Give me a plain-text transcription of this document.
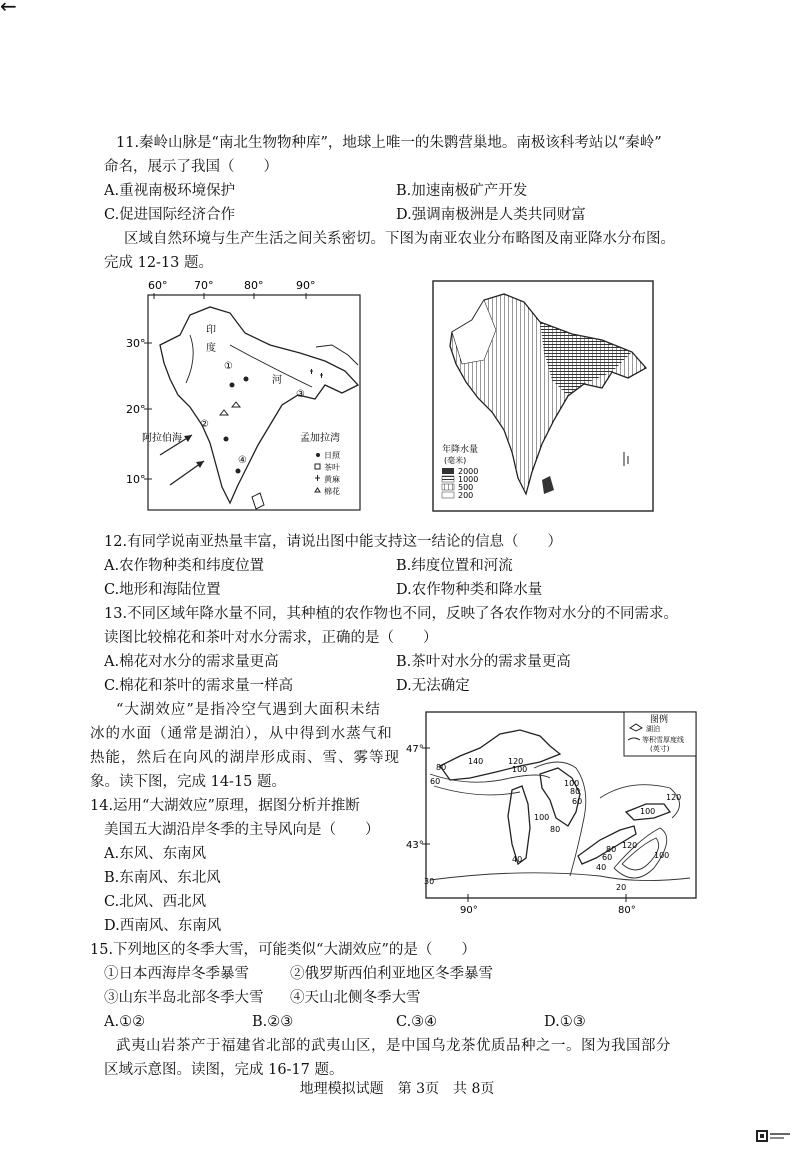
←
11.秦岭山脉是“南北生物物种库”，地球上唯一的朱鹮营巢地。南极该科考站以“秦岭”
命名，展示了我国（　　）
A.重视南极环境保护	B.加速南极矿产开发
C.促进国际经济合作	D.强调南极洲是人类共同财富
区域自然环境与生产生活之间关系密切。下图为南亚农业分布略图及南亚降水分布图。
完成 12-13 题。
60° 70°	80°	90°
30°
20°
10°
印
度
河
阿拉伯海	孟加拉湾
①
②
③
④	日照
茶叶
黄麻
棉花
年降水量
(毫米)
2000
1000
500
200
12.有同学说南亚热量丰富，请说出图中能支持这一结论的信息（　　）
A.农作物种类和纬度位置	B.纬度位置和河流
C.地形和海陆位置	D.农作物种类和降水量
13.不同区域年降水量不同，其种植的农作物也不同，反映了各农作物对水分的不同需求。
读图比较棉花和茶叶对水分需求，正确的是（　　）
A.棉花对水分的需求量更高	B.茶叶对水分的需求量更高
C.棉花和茶叶的需求量一样高	D.无法确定
“大湖效应”是指冷空气遇到大面积未结
冰的水面（通常是湖泊），从中得到水蒸气和
热能，然后在向风的湖岸形成雨、雪、雾等现
象。读下图，完成 14-15 题。
47°
43°
90°	80°
140
80
60
120
100
100
80
60
80
100
120
100
120
40
80
60
40
20
30
100
图例
湖泊
等积雪厚度线
(英寸)
14.运用“大湖效应”原理，据图分析并推断
美国五大湖沿岸冬季的主导风向是（　　）
A.东风、东南风
B.东南风、东北风
C.北风、西北风
D.西南风、东南风
15.下列地区的冬季大雪，可能类似“大湖效应”的是（　　）
①日本西海岸冬季暴雪	②俄罗斯西伯利亚地区冬季暴雪
③山东半岛北部冬季大雪 ④天山北侧冬季大雪
A.①②	B.②③	C.③④	D.①③
武夷山岩茶产于福建省北部的武夷山区，是中国乌龙茶优质品种之一。图为我国部分
区域示意图。读图，完成 16-17 题。
地理模拟试题　第 3页　共 8页
